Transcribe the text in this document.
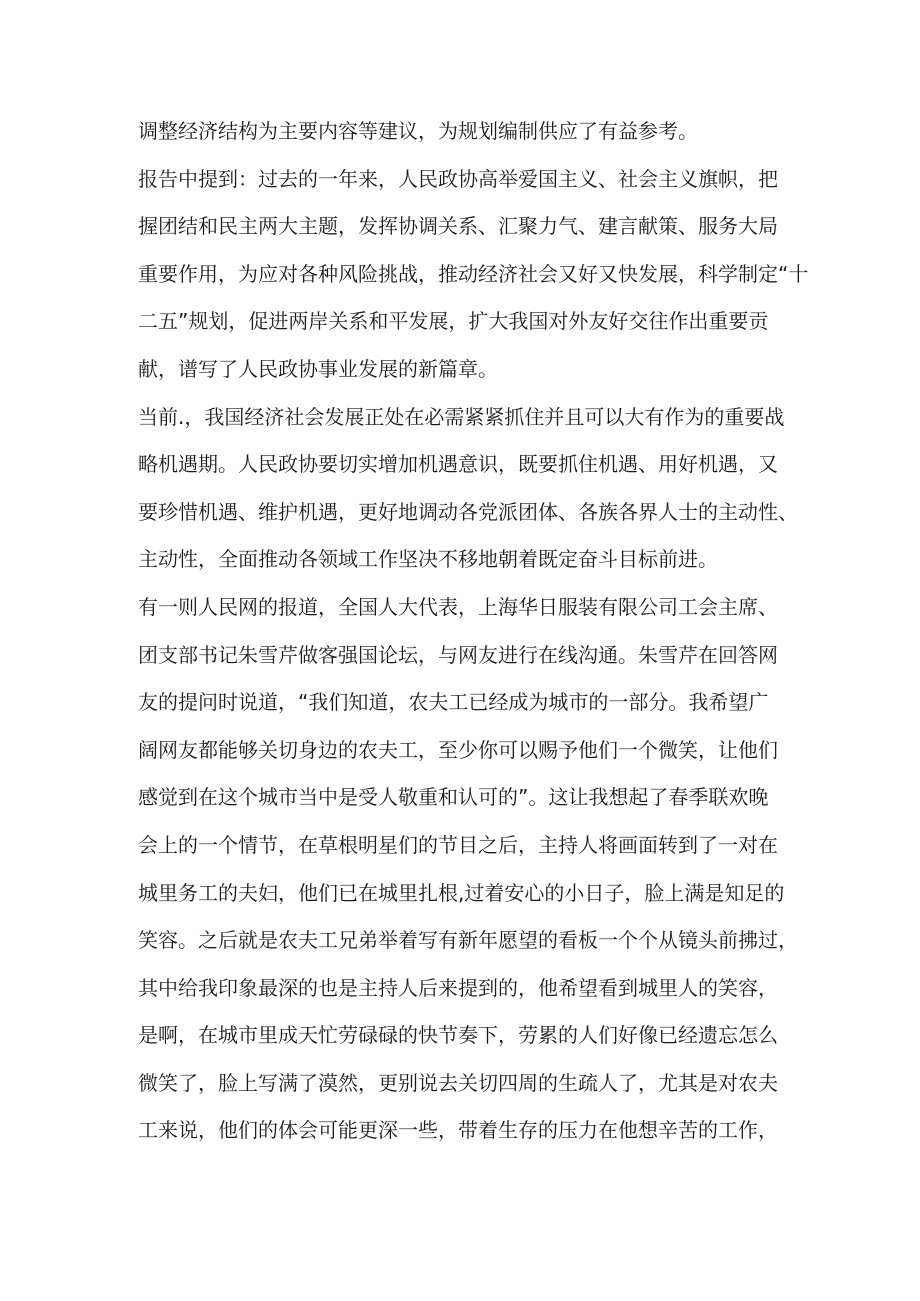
调整经济结构为主要内容等建议，为规划编制供应了有益参考。
报告中提到：过去的一年来，人民政协高举爱国主义、社会主义旗帜，把
握团结和民主两大主题，发挥协调关系、汇聚力气、建言献策、服务大局
重要作用，为应对各种风险挑战，推动经济社会又好又快发展，科学制定“十
二五”规划，促进两岸关系和平发展，扩大我国对外友好交往作出重要贡
献，谱写了人民政协事业发展的新篇章。
当前.，我国经济社会发展正处在必需紧紧抓住并且可以大有作为的重要战
略机遇期。人民政协要切实增加机遇意识，既要抓住机遇、用好机遇，又
要珍惜机遇、维护机遇，更好地调动各党派团体、各族各界人士的主动性、
主动性，全面推动各领域工作坚决不移地朝着既定奋斗目标前进。
有一则人民网的报道，全国人大代表，上海华日服装有限公司工会主席、
团支部书记朱雪芹做客强国论坛，与网友进行在线沟通。朱雪芹在回答网
友的提问时说道，“我们知道，农夫工已经成为城市的一部分。我希望广
阔网友都能够关切身边的农夫工，至少你可以赐予他们一个微笑，让他们
感觉到在这个城市当中是受人敬重和认可的”。这让我想起了春季联欢晚
会上的一个情节，在草根明星们的节目之后，主持人将画面转到了一对在
城里务工的夫妇，他们已在城里扎根,过着安心的小日子，脸上满是知足的
笑容。之后就是农夫工兄弟举着写有新年愿望的看板一个个从镜头前拂过，
其中给我印象最深的也是主持人后来提到的，他希望看到城里人的笑容，
是啊，在城市里成天忙劳碌碌的快节奏下，劳累的人们好像已经遗忘怎么
微笑了，脸上写满了漠然，更别说去关切四周的生疏人了，尤其是对农夫
工来说，他们的体会可能更深一些，带着生存的压力在他想辛苦的工作，
